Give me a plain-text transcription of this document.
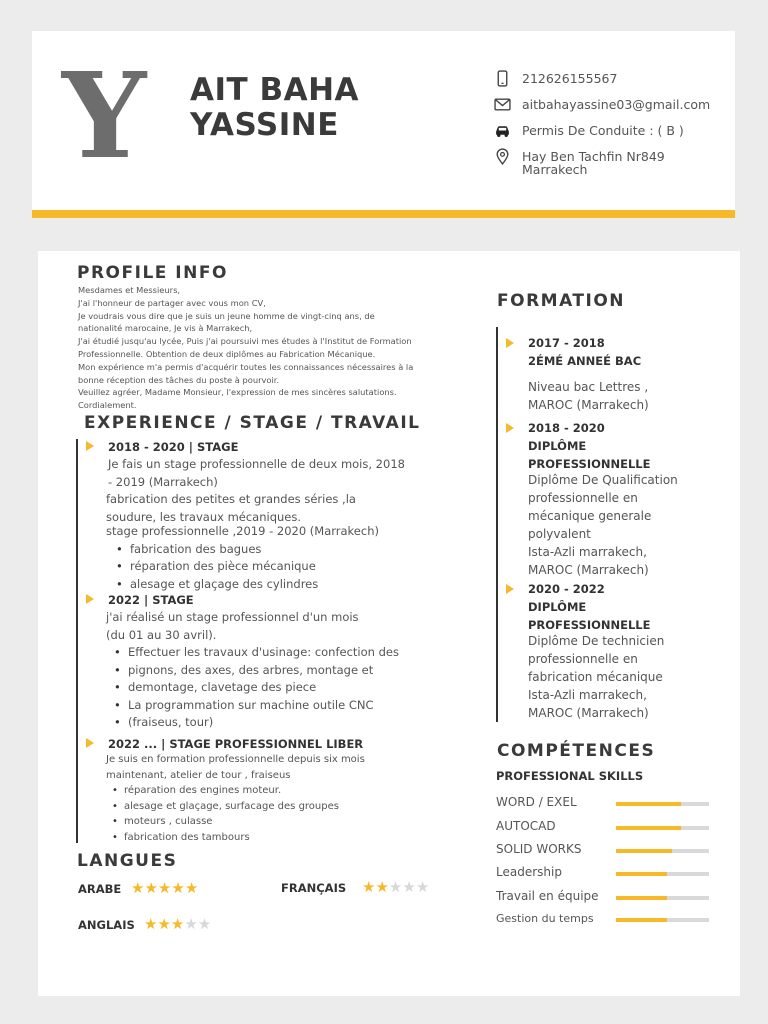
Y AIT BAHA
YASSINE
212626155567
aitbahayassine03@gmail.com
Permis De Conduite : ( B )
Hay Ben Tachfin Nr849
Marrakech
PROFILE INFO

Mesdames et Messieurs,

J'ai l'honneur de partager avec vous mon CV,

Je voudrais vous dire que je suis un jeune homme de vingt-cinq ans, de

nationalité marocaine, Je vis à Marrakech,

J'ai étudié jusqu'au lycée, Puis j'ai poursuivi mes études à l'Institut de Formation

Professionnelle. Obtention de deux diplômes au Fabrication Mécanique.

Mon expérience m'a permis d'acquérir toutes les connaissances nécessaires à la

bonne réception des tâches du poste à pourvoir.

Veuillez agréer, Madame Monsieur, l'expression de mes sincères salutations.

Cordialement.

EXPERIENCE / STAGE / TRAVAIL
2018 - 2020 | STAGE
Je fais un stage professionnelle de deux mois, 2018
- 2019 (Marrakech)
fabrication des petites et grandes séries ,la
soudure, les travaux mécaniques.
stage professionnelle ,2019 - 2020 (Marrakech)
• fabrication des bagues
• réparation des pièce mécanique
• alesage et glaçage des cylindres
2022 | STAGE
j'ai réalisé un stage professionnel d'un mois
(du 01 au 30 avril).
• Effectuer les travaux d'usinage: confection des
• pignons, des axes, des arbres, montage et
• demontage, clavetage des piece
• La programmation sur machine outile CNC
• (fraiseus, tour)
2022 ... | STAGE PROFESSIONNEL LIBER
Je suis en formation professionnelle depuis six mois
maintenant, atelier de tour , fraiseus
• réparation des engines moteur.
• alesage et glaçage, surfacage des groupes
• moteurs , culasse
• fabrication des tambours
LANGUES
ARABE ★★★★★	FRANÇAIS ★★★★★
ANGLAIS ★★★★★
FORMATION
2017 - 2018
2ÉMÉ ANNEÉ BAC
Niveau bac Lettres ,
MAROC (Marrakech)
2018 - 2020
DIPLÔME
PROFESSIONNELLE
Diplôme De Qualification
professionnelle en
mécanique generale
polyvalent
Ista-Azli marrakech,
MAROC (Marrakech)
2020 - 2022
DIPLÔME
PROFESSIONNELLE
Diplôme De technicien
professionnelle en
fabrication mécanique
Ista-Azli marrakech,
MAROC (Marrakech)
COMPÉTENCES
PROFESSIONAL SKILLS
WORD / EXEL
AUTOCAD
SOLID WORKS
Leadership
Travail en équipe
Gestion du temps
